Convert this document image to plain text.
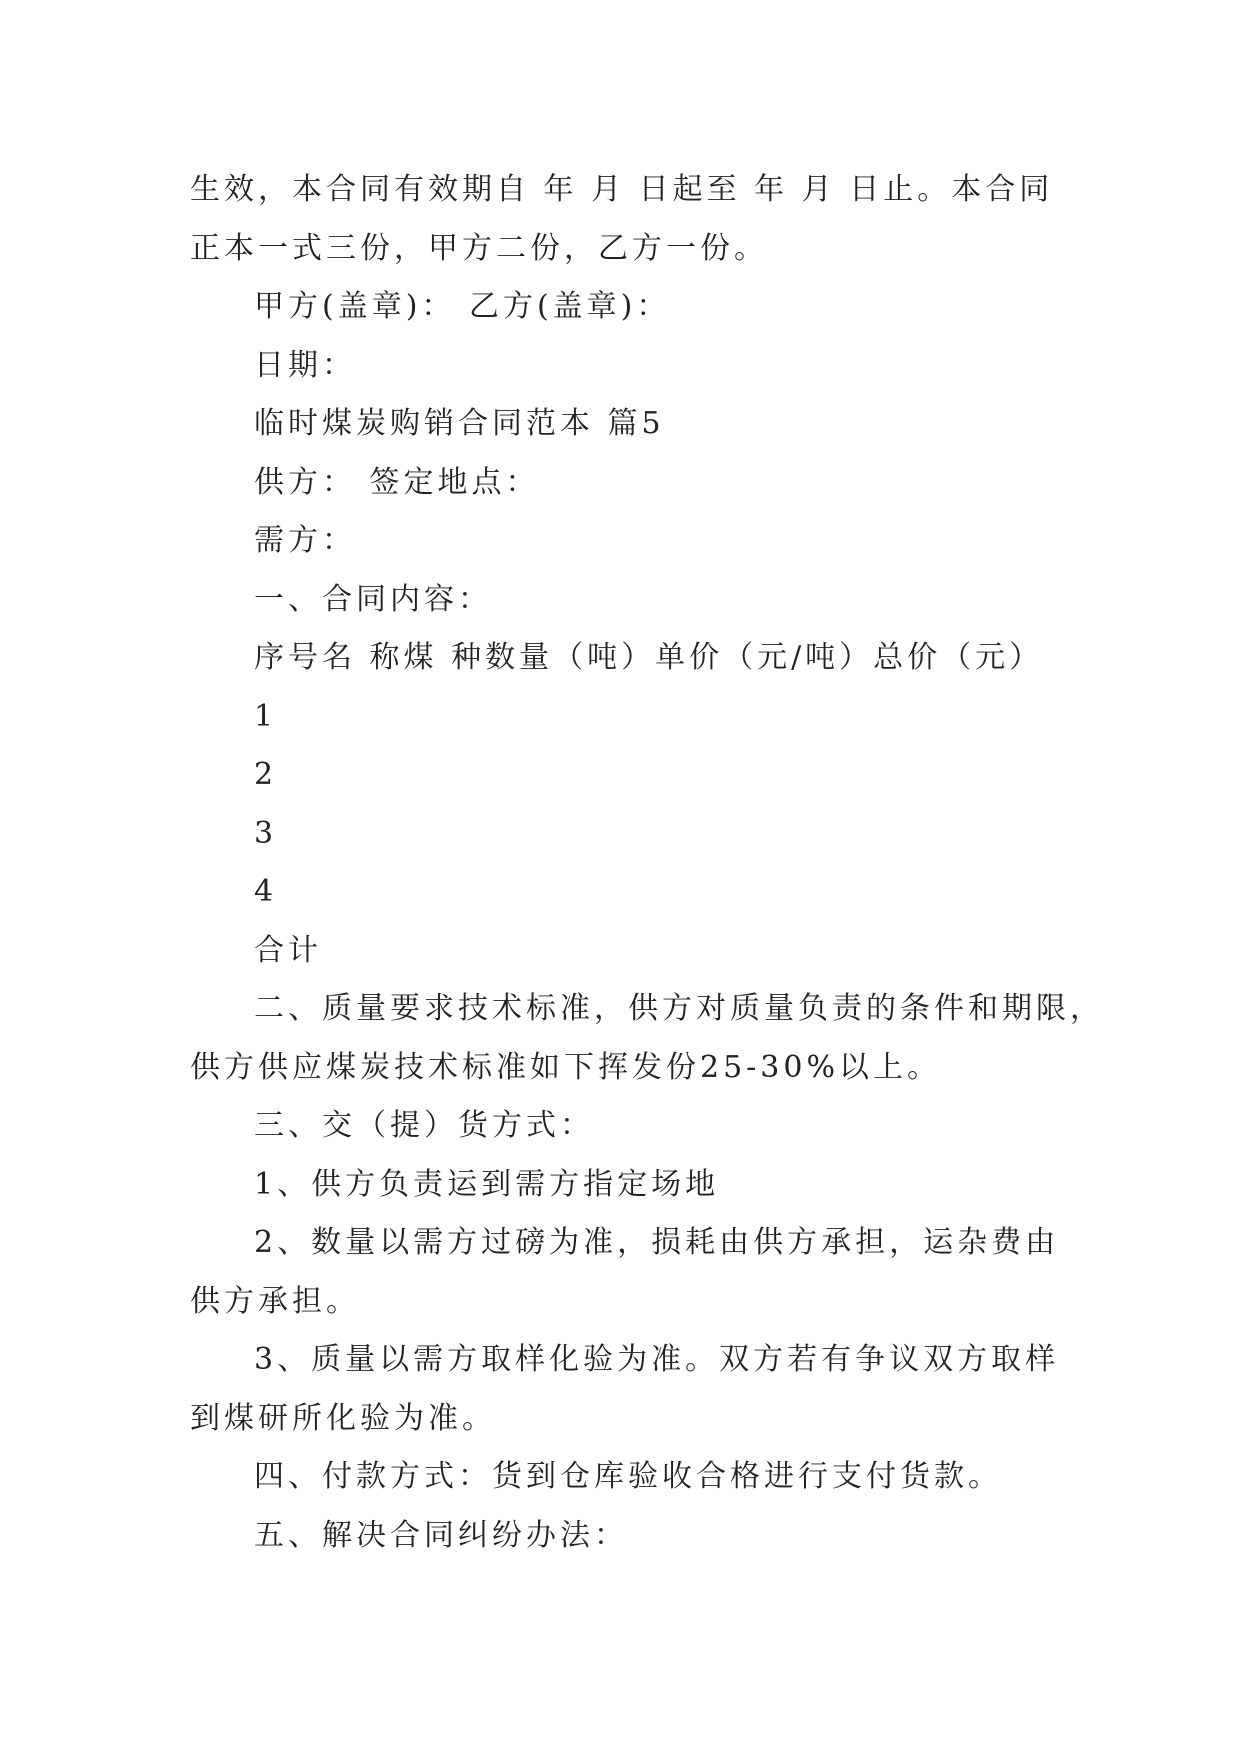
生效，本合同有效期自 年 月 日起至 年 月 日止。本合同

正本一式三份，甲方二份，乙方一份。

甲方(盖章)： 乙方(盖章)：

日期：

临时煤炭购销合同范本 篇5

供方： 签定地点：

需方：

一、合同内容：

序号名 称煤 种数量（吨）单价（元/吨）总价（元）

1

2

3

4

合计

二、质量要求技术标准，供方对质量负责的条件和期限，

供方供应煤炭技术标准如下挥发份25-30%以上。

三、交（提）货方式：

1、供方负责运到需方指定场地

2、数量以需方过磅为准，损耗由供方承担，运杂费由

供方承担。

3、质量以需方取样化验为准。双方若有争议双方取样

到煤研所化验为准。

四、付款方式：货到仓库验收合格进行支付货款。

五、解决合同纠纷办法：
